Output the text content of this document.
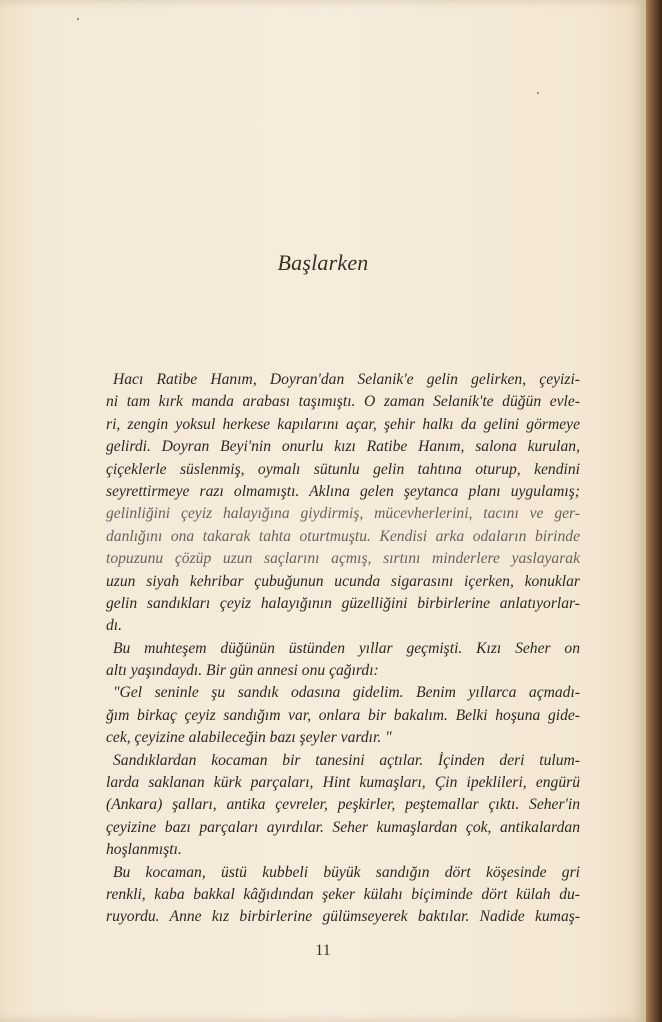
Başlarken
Hacı Ratibe Hanım, Doyran'dan Selanik'e gelin gelirken, çeyizi-
ni tam kırk manda arabası taşımıştı. O zaman Selanik'te düğün evle-
ri, zengin yoksul herkese kapılarını açar, şehir halkı da gelini görmeye
gelirdi. Doyran Beyi'nin onurlu kızı Ratibe Hanım, salona kurulan,
çiçeklerle süslenmiş, oymalı sütunlu gelin tahtına oturup, kendini
seyrettirmeye razı olmamıştı. Aklına gelen şeytanca planı uygulamış;
gelinliğini çeyiz halayığına giydirmiş, mücevherlerini, tacını ve ger-
danlığını ona takarak tahta oturtmuştu. Kendisi arka odaların birinde
topuzunu çözüp uzun saçlarını açmış, sırtını minderlere yaslayarak
uzun siyah kehribar çubuğunun ucunda sigarasını içerken, konuklar
gelin sandıkları çeyiz halayığının güzelliğini birbirlerine anlatıyorlar-
dı.
Bu muhteşem düğünün üstünden yıllar geçmişti. Kızı Seher on
altı yaşındaydı. Bir gün annesi onu çağırdı:
"Gel seninle şu sandık odasına gidelim. Benim yıllarca açmadı-
ğım birkaç çeyiz sandığım var, onlara bir bakalım. Belki hoşuna gide-
cek, çeyizine alabileceğin bazı şeyler vardır. "
Sandıklardan kocaman bir tanesini açtılar. İçinden deri tulum-
larda saklanan kürk parçaları, Hint kumaşları, Çin ipeklileri, engürü
(Ankara) şalları, antika çevreler, peşkirler, peştemallar çıktı. Seher'in
çeyizine bazı parçaları ayırdılar. Seher kumaşlardan çok, antikalardan
hoşlanmıştı.
Bu kocaman, üstü kubbeli büyük sandığın dört köşesinde gri
renkli, kaba bakkal kâğıdından şeker külahı biçiminde dört külah du-
ruyordu. Anne kız birbirlerine gülümseyerek baktılar. Nadide kumaş-
11
